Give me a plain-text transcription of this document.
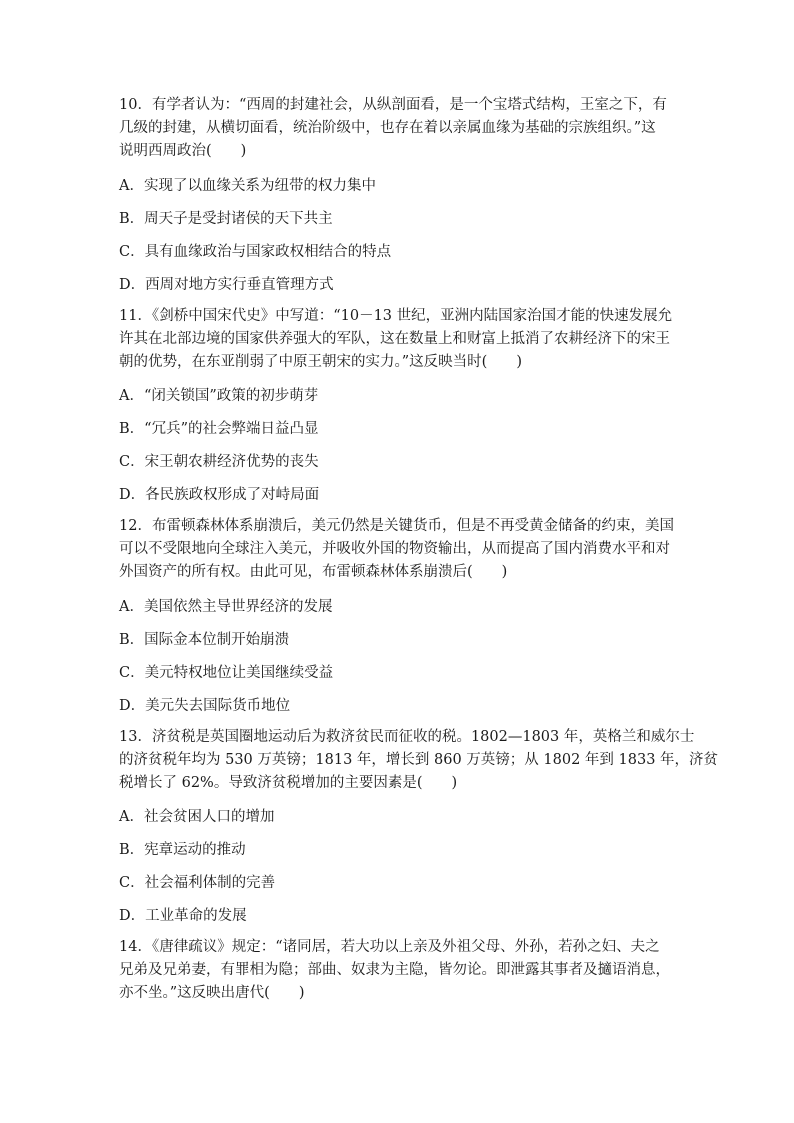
10．有学者认为：“西周的封建社会，从纵剖面看，是一个宝塔式结构，王室之下，有
几级的封建，从横切面看，统治阶级中，也存在着以亲属血缘为基础的宗族组织。”这
说明西周政治(　　)
A．实现了以血缘关系为纽带的权力集中
B．周天子是受封诸侯的天下共主
C．具有血缘政治与国家政权相结合的特点
D．西周对地方实行垂直管理方式
11．《剑桥中国宋代史》中写道：“10－13 世纪，亚洲内陆国家治国才能的快速发展允
许其在北部边境的国家供养强大的军队，这在数量上和财富上抵消了农耕经济下的宋王
朝的优势，在东亚削弱了中原王朝宋的实力。”这反映当时(　　)
A．“闭关锁国”政策的初步萌芽
B．“冗兵”的社会弊端日益凸显
C．宋王朝农耕经济优势的丧失
D．各民族政权形成了对峙局面
12．布雷顿森林体系崩溃后，美元仍然是关键货币，但是不再受黄金储备的约束，美国
可以不受限地向全球注入美元，并吸收外国的物资输出，从而提高了国内消费水平和对
外国资产的所有权。由此可见，布雷顿森林体系崩溃后(　　)
A．美国依然主导世界经济的发展
B．国际金本位制开始崩溃
C．美元特权地位让美国继续受益
D．美元失去国际货币地位
13．济贫税是英国圈地运动后为救济贫民而征收的税。1802—1803 年，英格兰和威尔士
的济贫税年均为 530 万英镑；1813 年，增长到 860 万英镑；从 1802 年到 1833 年，济贫
税增长了 62%。导致济贫税增加的主要因素是(　　)
A．社会贫困人口的增加
B．宪章运动的推动
C．社会福利体制的完善
D．工业革命的发展
14．《唐律疏议》规定：“诸同居，若大功以上亲及外祖父母、外孙，若孙之妇、夫之
兄弟及兄弟妻，有罪相为隐；部曲、奴隶为主隐，皆勿论。即泄露其事者及擿语消息，
亦不坐。”这反映出唐代(　　)
